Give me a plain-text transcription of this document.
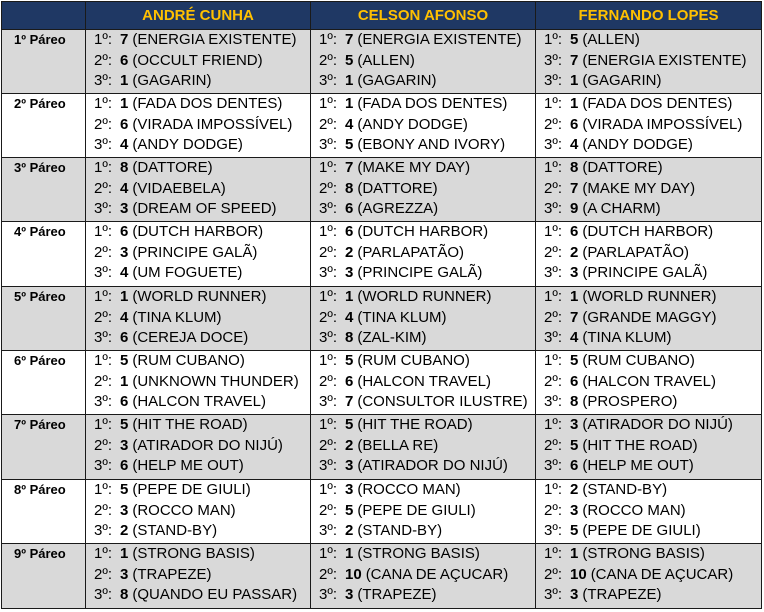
	ANDRÉ CUNHA	CELSON AFONSO	FERNANDO LOPES
1º Páreo	1º: 7 (ENERGIA EXISTENTE)
2º: 6 (OCCULT FRIEND)
3º: 1 (GAGARIN)	1º: 7 (ENERGIA EXISTENTE)
2º: 5 (ALLEN)
3º: 1 (GAGARIN)	1º: 5 (ALLEN)
3º: 7 (ENERGIA EXISTENTE)
3º: 1 (GAGARIN)

2º Páreo	1º: 1 (FADA DOS DENTES)
2º: 6 (VIRADA IMPOSSÍVEL)
3º: 4 (ANDY DODGE)	1º: 1 (FADA DOS DENTES)
2º: 4 (ANDY DODGE)
3º: 5 (EBONY AND IVORY)	1º: 1 (FADA DOS DENTES)
2º: 6 (VIRADA IMPOSSÍVEL)
3º: 4 (ANDY DODGE)

3º Páreo	1º: 8 (DATTORE)
2º: 4 (VIDAEBELA)
3º: 3 (DREAM OF SPEED)	1º: 7 (MAKE MY DAY)
2º: 8 (DATTORE)
3º: 6 (AGREZZA)	1º: 8 (DATTORE)
2º: 7 (MAKE MY DAY)
3º: 9 (A CHARM)

4º Páreo	1º: 6 (DUTCH HARBOR)
2º: 3 (PRINCIPE GALÃ)
3º: 4 (UM FOGUETE)	1º: 6 (DUTCH HARBOR)
2º: 2 (PARLAPATÃO)
3º: 3 (PRINCIPE GALÃ)	1º: 6 (DUTCH HARBOR)
2º: 2 (PARLAPATÃO)
3º: 3 (PRINCIPE GALÃ)

5º Páreo	1º: 1 (WORLD RUNNER)
2º: 4 (TINA KLUM)
3º: 6 (CEREJA DOCE)	1º: 1 (WORLD RUNNER)
2º: 4 (TINA KLUM)
3º: 8 (ZAL-KIM)	1º: 1 (WORLD RUNNER)
2º: 7 (GRANDE MAGGY)
3º: 4 (TINA KLUM)

6º Páreo	1º: 5 (RUM CUBANO)
2º: 1 (UNKNOWN THUNDER)
3º: 6 (HALCON TRAVEL)	1º: 5 (RUM CUBANO)
2º: 6 (HALCON TRAVEL)
3º: 7 (CONSULTOR ILUSTRE)	1º: 5 (RUM CUBANO)
2º: 6 (HALCON TRAVEL)
3º: 8 (PROSPERO)

7º Páreo	1º: 5 (HIT THE ROAD)
2º: 3 (ATIRADOR DO NIJÚ)
3º: 6 (HELP ME OUT)	1º: 5 (HIT THE ROAD)
2º: 2 (BELLA RE)
3º: 3 (ATIRADOR DO NIJÚ)	1º: 3 (ATIRADOR DO NIJÚ)
2º: 5 (HIT THE ROAD)
3º: 6 (HELP ME OUT)

8º Páreo	1º: 5 (PEPE DE GIULI)
2º: 3 (ROCCO MAN)
3º: 2 (STAND-BY)	1º: 3 (ROCCO MAN)
2º: 5 (PEPE DE GIULI)
3º: 2 (STAND-BY)	1º: 2 (STAND-BY)
2º: 3 (ROCCO MAN)
3º: 5 (PEPE DE GIULI)

9º Páreo	1º: 1 (STRONG BASIS)
2º: 3 (TRAPEZE)
3º: 8 (QUANDO EU PASSAR)	1º: 1 (STRONG BASIS)
2º: 10 (CANA DE AÇUCAR)
3º: 3 (TRAPEZE)	1º: 1 (STRONG BASIS)
2º: 10 (CANA DE AÇUCAR)
3º: 3 (TRAPEZE)
